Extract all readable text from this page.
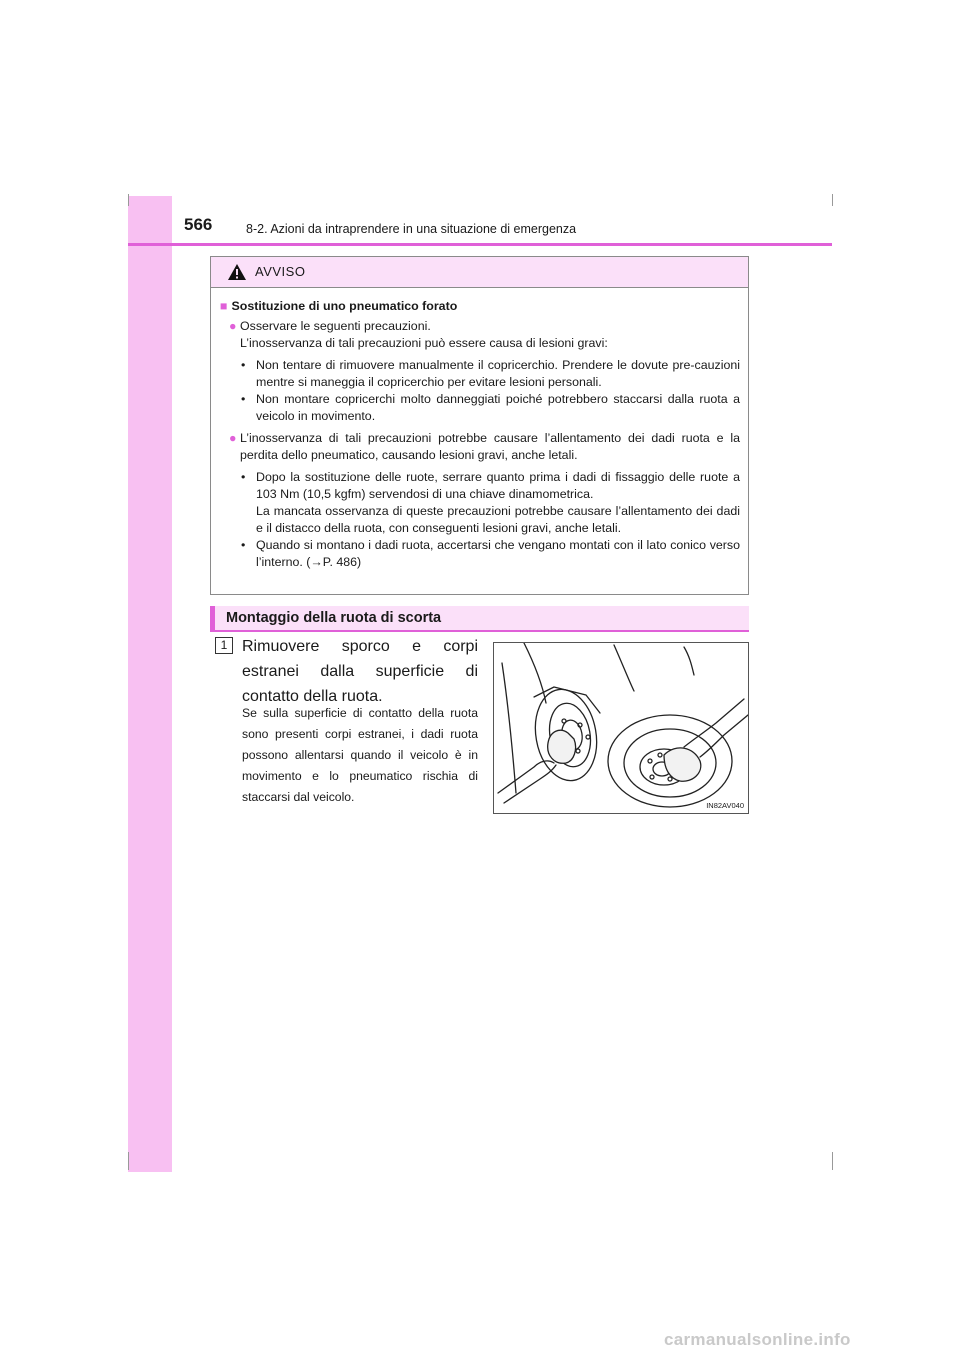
566	8-2. Azioni da intraprendere in una situazione di emergenza
AVVISO
■ Sostituzione di uno pneumatico forato
● Osservare le seguenti precauzioni.
L’inosservanza di tali precauzioni può essere causa di lesioni gravi:
• Non tentare di rimuovere manualmente il copricerchio. Prendere le dovute pre-cauzioni mentre si maneggia il copricerchio per evitare lesioni personali.
• Non montare copricerchi molto danneggiati poiché potrebbero staccarsi dalla ruota a veicolo in movimento.
● L’inosservanza di tali precauzioni potrebbe causare l’allentamento dei dadi ruota e la perdita dello pneumatico, causando lesioni gravi, anche letali.
• Dopo la sostituzione delle ruote, serrare quanto prima i dadi di fissaggio delle ruote a 103 Nm (10,5 kgfm) servendosi di una chiave dinamometrica.
La mancata osservanza di queste precauzioni potrebbe causare l’allentamento dei dadi e il distacco della ruota, con conseguenti lesioni gravi, anche letali.
• Quando si montano i dadi ruota, accertarsi che vengano montati con il lato conico verso l’interno. (→P. 486)
Montaggio della ruota di scorta
1 Rimuovere sporco e corpi estranei dalla superficie di contatto della ruota.
Se sulla superficie di contatto della ruota sono presenti corpi estranei, i dadi ruota possono allentarsi quando il veicolo è in movimento e lo pneumatico rischia di staccarsi dal veicolo.
IN82AV040
carmanualsonline.info
